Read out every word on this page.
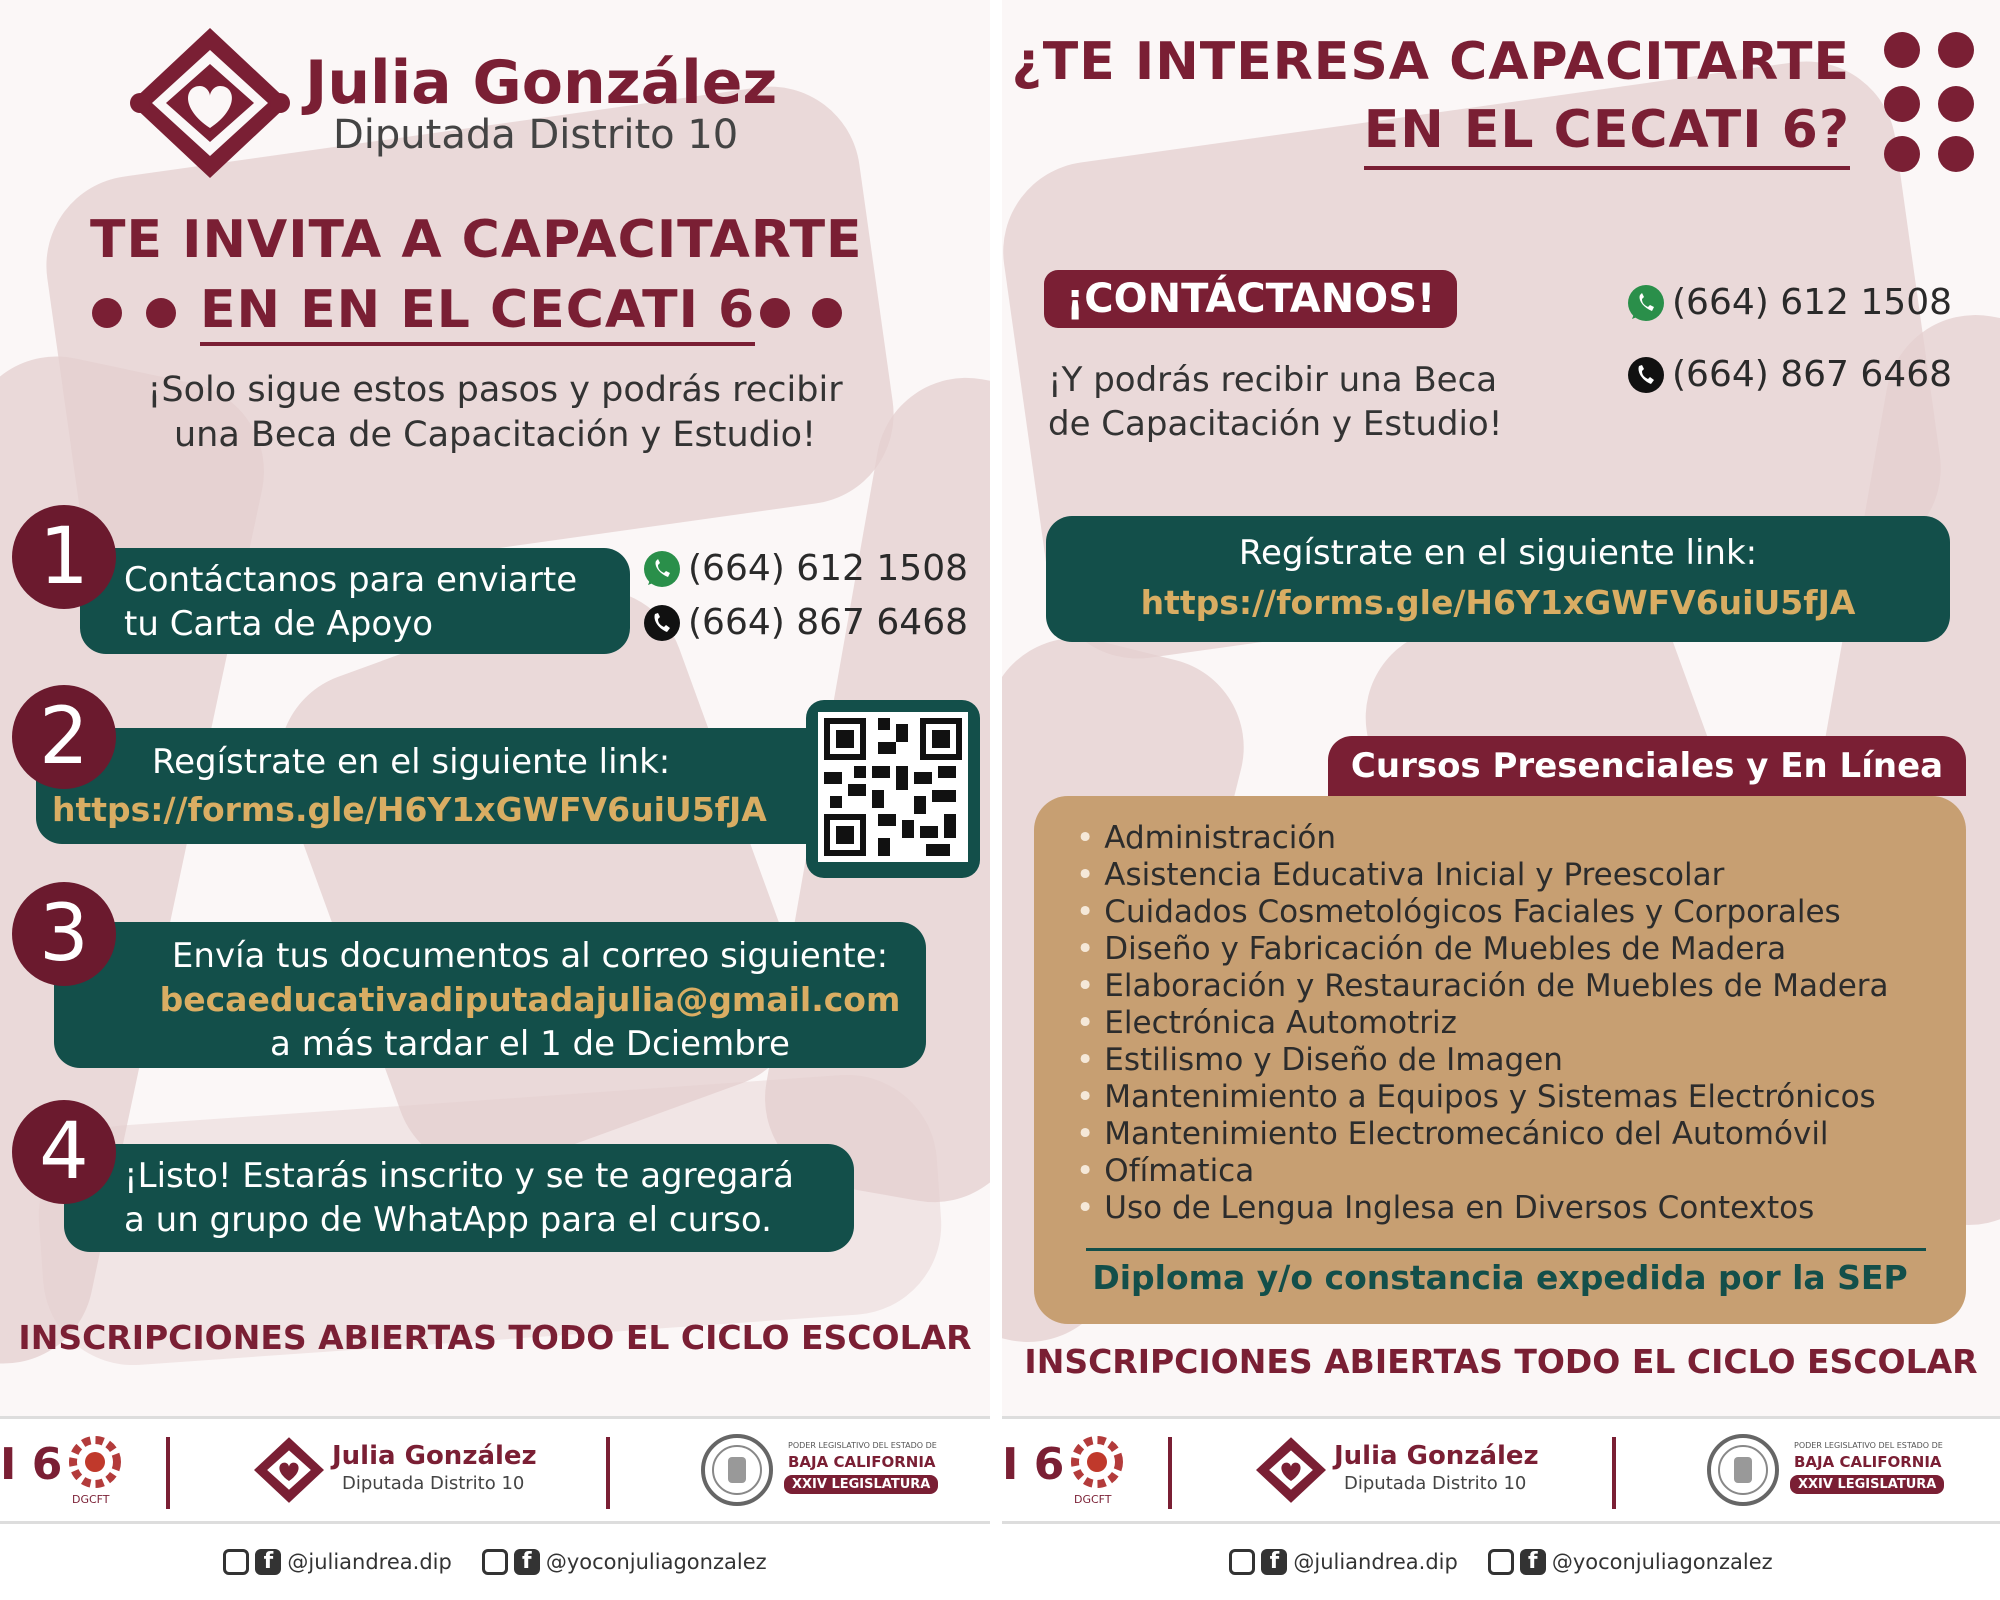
Julia González
Diputada Distrito 10
TE INVITA A CAPACITARTE
EN EN EL CECATI 6
¡Solo sigue estos pasos y podrás recibir
una Beca de Capacitación y Estudio!
1	Contáctanos para enviarte
tu Carta de Apoyo
(664) 612 1508
(664) 867 6468
2	Regístrate en el siguiente link:
https://forms.gle/H6Y1xGWFV6uiU5fJA
3	Envía tus documentos al correo siguiente:
becaeducativadiputadajulia@gmail.com
a más tardar el 1 de Dciembre
4	¡Listo! Estarás inscrito y se te agregará
a un grupo de WhatApp para el curso.
INSCRIPCIONES ABIERTAS TODO EL CICLO ESCOLAR
I 6
DGCFT
Julia González
Diputada Distrito 10
PODER LEGISLATIVO DEL ESTADO DE
BAJA CALIFORNIA
XXIV LEGISLATURA
f @juliandrea.dip	f @yoconjuliagonzalez
¿TE INTERESA CAPACITARTE
EN EL CECATI 6?
¡CONTÁCTANOS!
¡Y podrás recibir una Beca
de Capacitación y Estudio!
(664) 612 1508
(664) 867 6468
Regístrate en el siguiente link:
https://forms.gle/H6Y1xGWFV6uiU5fJA
• Administración
• Asistencia Educativa Inicial y Preescolar
• Cuidados Cosmetológicos Faciales y Corporales
• Diseño y Fabricación de Muebles de Madera
• Elaboración y Restauración de Muebles de Madera
• Electrónica Automotriz
• Estilismo y Diseño de Imagen
• Mantenimiento a Equipos y Sistemas Electrónicos
• Mantenimiento Electromecánico del Automóvil
• Ofímatica
• Uso de Lengua Inglesa en Diversos Contextos
Diploma y/o constancia expedida por la SEP
Cursos Presenciales y En Línea
INSCRIPCIONES ABIERTAS TODO EL CICLO ESCOLAR
I 6
DGCFT
Julia González
Diputada Distrito 10
PODER LEGISLATIVO DEL ESTADO DE
BAJA CALIFORNIA
XXIV LEGISLATURA
f @juliandrea.dip	f @yoconjuliagonzalez
